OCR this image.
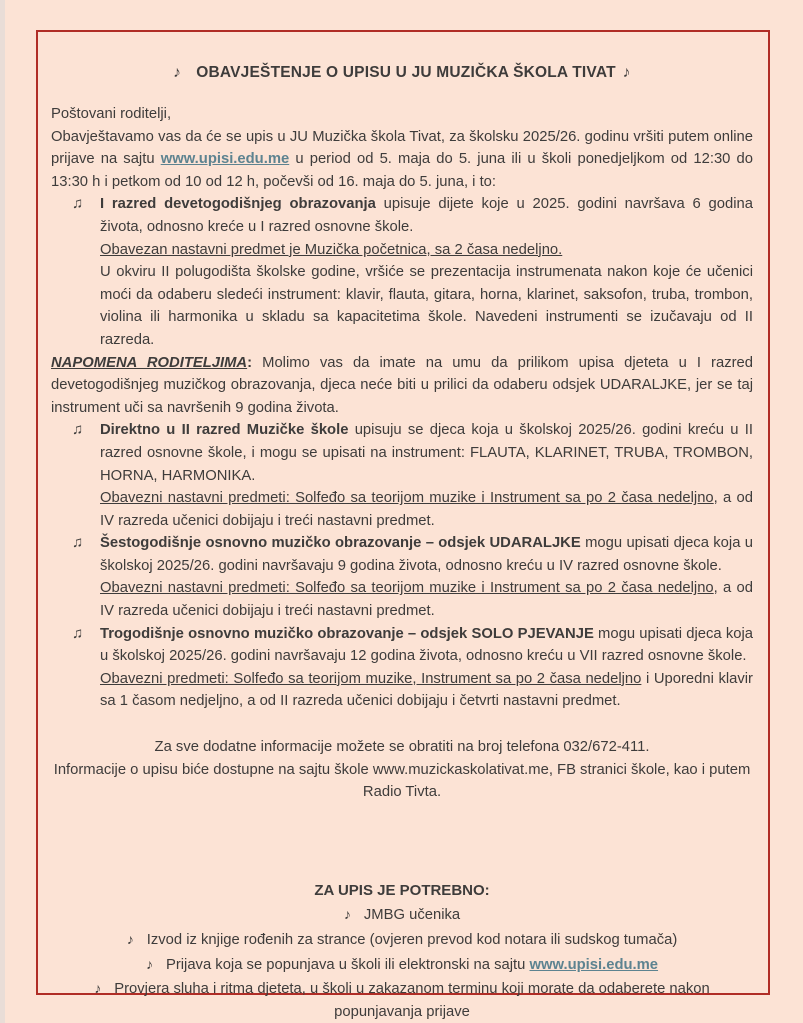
♪ OBAVJEŠTENJE O UPISU U JU MUZIČKA ŠKOLA TIVAT ♪

Poštovani roditelji,

Obavještavamo vas da će se upis u JU Muzička škola Tivat, za školsku 2025/26. godinu vršiti putem online prijave na sajtu www.upisi.edu.me u period od 5. maja do 5. juna ili u školi ponedjeljkom od 12:30 do 13:30 h i petkom od 10 od 12 h, počevši od 16. maja do 5. juna, i to:

♫ I razred devetogodišnjeg obrazovanja upisuje dijete koje u 2025. godini navršava 6 godina života, odnosno kreće u I razred osnovne škole.
Obavezan nastavni predmet je Muzička početnica, sa 2 časa nedeljno.
U okviru II polugodišta školske godine, vršiće se prezentacija instrumenata nakon koje će učenici moći da odaberu sledeći instrument: klavir, flauta, gitara, horna, klarinet, saksofon, truba, trombon, violina ili harmonika u skladu sa kapacitetima škole. Navedeni instrumenti se izučavaju od II razreda.

NAPOMENA RODITELJIMA: Molimo vas da imate na umu da prilikom upisa djeteta u I razred devetogodišnjeg muzičkog obrazovanja, djeca neće biti u prilici da odaberu odsjek UDARALJKE, jer se taj instrument uči sa navršenih 9 godina života.

♫ Direktno u II razred Muzičke škole upisuju se djeca koja u školskoj 2025/26. godini kreću u II razred osnovne škole, i mogu se upisati na instrument: FLAUTA, KLARINET, TRUBA, TROMBON, HORNA, HARMONIKA.
Obavezni nastavni predmeti: Solfeđo sa teorijom muzike i Instrument sa po 2 časa nedeljno, a od IV razreda učenici dobijaju i treći nastavni predmet.
♫ Šestogodišnje osnovno muzičko obrazovanje – odsjek UDARALJKE mogu upisati djeca koja u školskoj 2025/26. godini navršavaju 9 godina života, odnosno kreću u IV razred osnovne škole.
Obavezni nastavni predmeti: Solfeđo sa teorijom muzike i Instrument sa po 2 časa nedeljno, a od IV razreda učenici dobijaju i treći nastavni predmet.
♫ Trogodišnje osnovno muzičko obrazovanje – odsjek SOLO PJEVANJE mogu upisati djeca koja u školskoj 2025/26. godini navršavaju 12 godina života, odnosno kreću u VII razred osnovne škole.
Obavezni predmeti: Solfeđo sa teorijom muzike, Instrument sa po 2 časa nedeljno i Uporedni klavir sa 1 časom nedjeljno, a od II razreda učenici dobijaju i četvrti nastavni predmet.

Za sve dodatne informacije možete se obratiti na broj telefona 032/672-411.

Informacije o upisu biće dostupne na sajtu škole www.muzickaskolativat.me, FB stranici škole, kao i putem Radio Tivta.

ZA UPIS JE POTREBNO:

♪ JMBG učenika

♪ Izvod iz knjige rođenih za strance (ovjeren prevod kod notara ili sudskog tumača)

♪ Prijava koja se popunjava u školi ili elektronski na sajtu www.upisi.edu.me

♪ Provjera sluha i ritma djeteta, u školi u zakazanom terminu koji morate da odaberete nakon popunjavanja prijave
